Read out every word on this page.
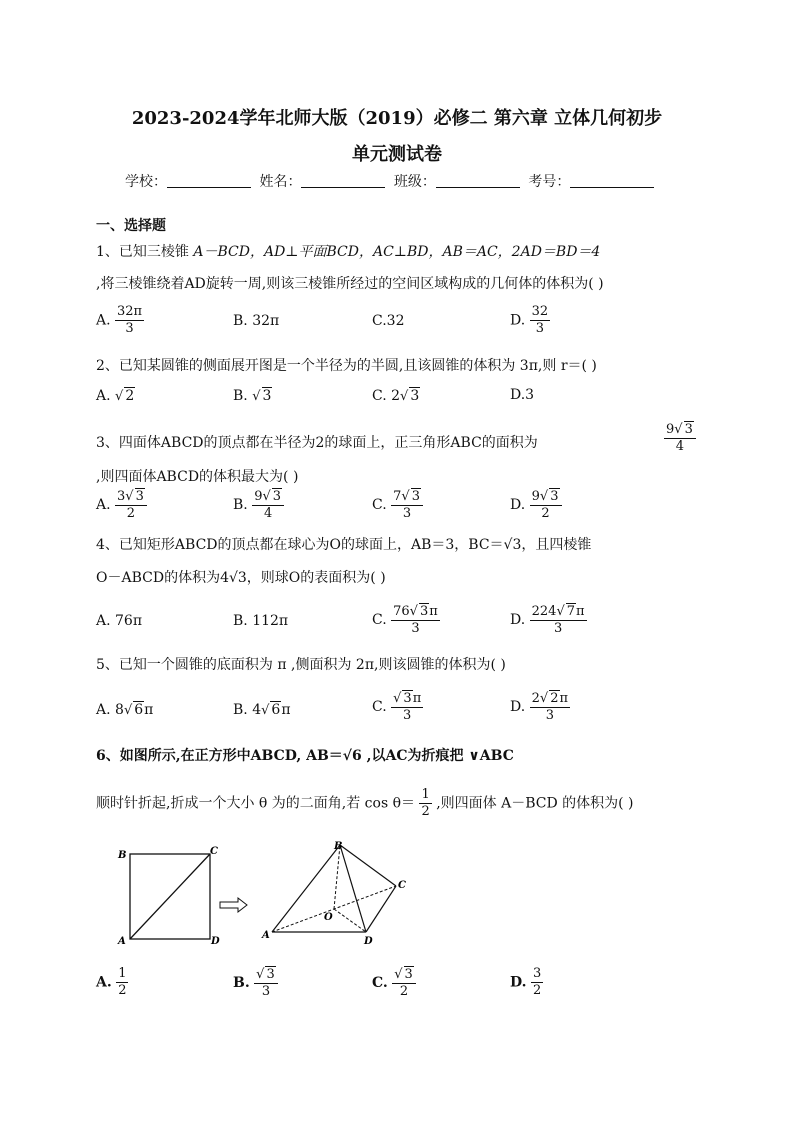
2023-2024学年北师大版（2019）必修二 第六章 立体几何初步
单元测试卷
学校：	姓名：	班级：	考号：
一、选择题
1、已知三棱锥 A－BCD，AD⊥平面BCD，AC⊥BD，AB＝AC，2AD＝BD＝4
,将三棱锥绕着AD旋转一周,则该三棱锥所经过的空间区域构成的几何体的体积为( )
A. $\frac{32\pi}{3}$	B. 32π	C.32	D. $\frac{32}{3}$
2、已知某圆锥的侧面展开图是一个半径为的半圆,且该圆锥的体积为 3π,则 r＝( )
A. √ 2	B. √ 3	C. 2√ 3	D.3
3、四面体ABCD的顶点都在半径为2的球面上，正三角形ABC的面积为	$\frac{9√ 3}{4}$
,则四面体ABCD的体积最大为( )
A. $\frac{3√ 3}{2}$	B. $\frac{9√ 3}{4}$	C. $\frac{7√ 3}{3}$	D. $\frac{9√ 3}{2}$
4、已知矩形ABCD的顶点都在球心为O的球面上，AB＝3，BC＝√3，且四棱锥
O－ABCD的体积为4√3，则球O的表面积为( )
A. 76π	B. 112π	C. $\frac{76√ 3\pi}{3}$	D. $\frac{224√ 7\pi}{3}$
5、已知一个圆锥的底面积为 π ,侧面积为 2π,则该圆锥的体积为( )
A. 8√ 6π	B. 4√ 6π	C. $\frac{√ 3\pi}{3}$	D. $\frac{2√ 2\pi}{3}$
6、如图所示,在正方形中ABCD, AB＝√6 ,以AC为折痕把 ∨ABC
顺时针折起,折成一个大小 θ 为的二面角,若 $\cos \theta= \frac{1}{2}$ ,则四面体 A－BCD 的体积为( )
B	C
A	D
B
C
O
A
D
A. $\frac{1}{2}$	B. $\frac{√ 3}{3}$	C. $\frac{√ 3}{2}$	D. $\frac{3}{2}$
